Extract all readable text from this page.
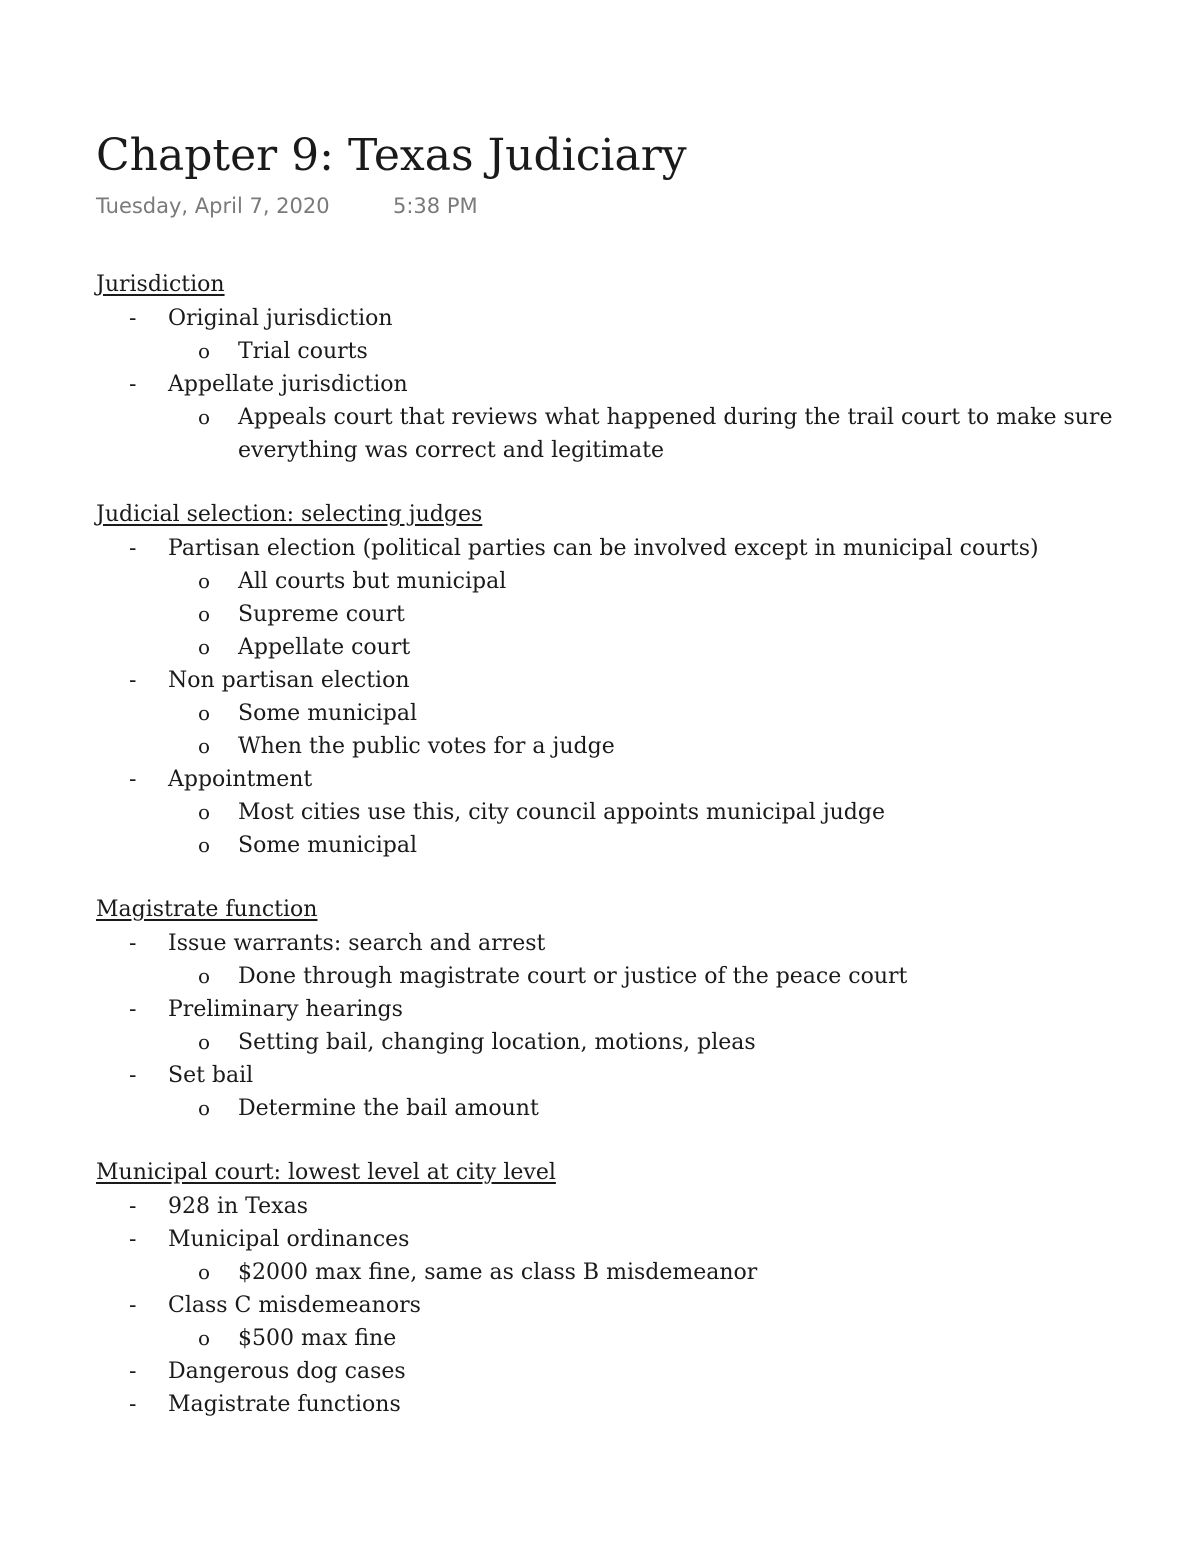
Chapter 9: Texas Judiciary
Tuesday, April 7, 2020	5:38 PM
Jurisdiction
- Original jurisdiction
o Trial courts
- Appellate jurisdiction
o Appeals court that reviews what happened during the trail court to make sure everything was correct and legitimate
Judicial selection: selecting judges
- Partisan election (political parties can be involved except in municipal courts)
o All courts but municipal
o Supreme court
o Appellate court
- Non partisan election
o Some municipal
o When the public votes for a judge
- Appointment
o Most cities use this, city council appoints municipal judge
o Some municipal
Magistrate function
- Issue warrants: search and arrest
o Done through magistrate court or justice of the peace court
- Preliminary hearings
o Setting bail, changing location, motions, pleas
- Set bail
o Determine the bail amount
Municipal court: lowest level at city level
- 928 in Texas
- Municipal ordinances
o $2000 max fine, same as class B misdemeanor
- Class C misdemeanors
o $500 max fine
- Dangerous dog cases
- Magistrate functions
